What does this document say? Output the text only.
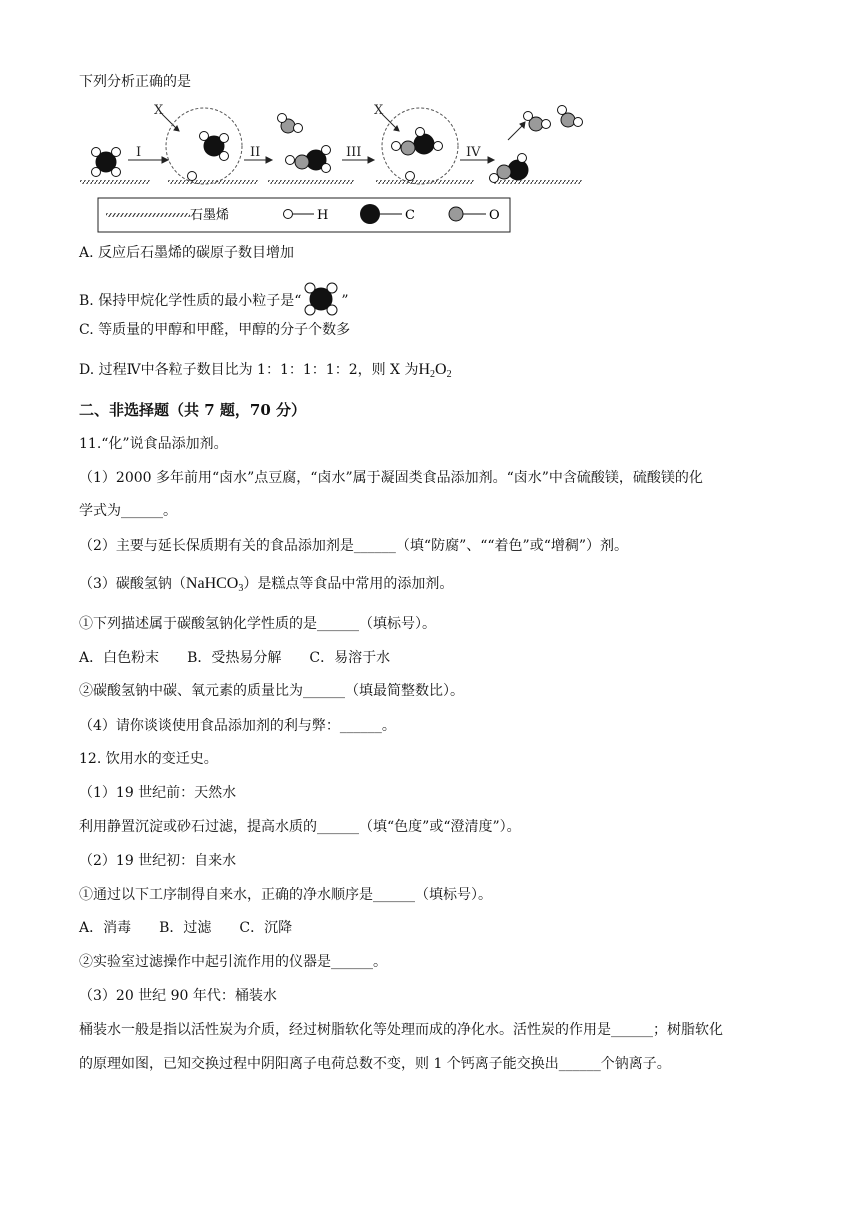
下列分析正确的是
I	II	III	IV
X	X
石墨烯	H	C	O
A. 反应后石墨烯的碳原子数目增加
B. 保持甲烷化学性质的最小粒子是“	”
C. 等质量的甲醇和甲醛，甲醇的分子个数多
D. 过程Ⅳ中各粒子数目比为 1：1：1：1：2，则 X 为$H_2O_2$
二、非选择题（共 7 题，70 分）
11.“化”说食品添加剂。
（1）2000 多年前用“卤水”点豆腐，“卤水”属于凝固类食品添加剂。“卤水”中含硫酸镁，硫酸镁的化
学式为______。
（2）主要与延长保质期有关的食品添加剂是______（填“防腐”、““着色”或“增稠”）剂。
（3）碳酸氢钠（NaHCO$_3$）是糕点等食品中常用的添加剂。
①下列描述属于碳酸氢钠化学性质的是______（填标号）。
A．白色粉末　　B．受热易分解　　C．易溶于水
②碳酸氢钠中碳、氧元素的质量比为______（填最简整数比）。
（4）请你谈谈使用食品添加剂的利与弊：______。
12. 饮用水的变迁史。
（1）19 世纪前：天然水
利用静置沉淀或砂石过滤，提高水质的______（填“色度”或“澄清度”）。
（2）19 世纪初：自来水
①通过以下工序制得自来水，正确的净水顺序是______（填标号）。
A．消毒　　B．过滤　　C．沉降
②实验室过滤操作中起引流作用的仪器是______。
（3）20 世纪 90 年代：桶装水
桶装水一般是指以活性炭为介质，经过树脂软化等处理而成的净化水。活性炭的作用是______；树脂软化
的原理如图，已知交换过程中阴阳离子电荷总数不变，则 1 个钙离子能交换出______个钠离子。
